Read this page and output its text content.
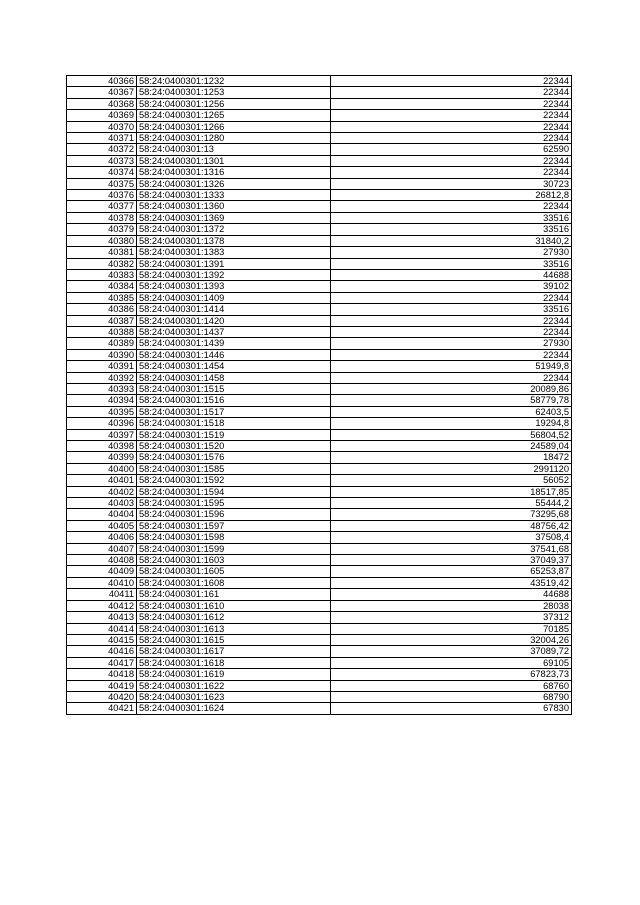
40366	58:24:0400301:1232	22344
40367	58:24:0400301:1253	22344
40368	58:24:0400301:1256	22344
40369	58:24:0400301:1265	22344
40370	58:24:0400301:1266	22344
40371	58:24:0400301:1280	22344
40372	58:24:0400301:13	62590
40373	58:24:0400301:1301	22344
40374	58:24:0400301:1316	22344
40375	58:24:0400301:1326	30723
40376	58:24:0400301:1333	26812,8
40377	58:24:0400301:1360	22344
40378	58:24:0400301:1369	33516
40379	58:24:0400301:1372	33516
40380	58:24:0400301:1378	31840,2
40381	58:24:0400301:1383	27930
40382	58:24:0400301:1391	33516
40383	58:24:0400301:1392	44688
40384	58:24:0400301:1393	39102
40385	58:24:0400301:1409	22344
40386	58:24:0400301:1414	33516
40387	58:24:0400301:1420	22344
40388	58:24:0400301:1437	22344
40389	58:24:0400301:1439	27930
40390	58:24:0400301:1446	22344
40391	58:24:0400301:1454	51949,8
40392	58:24:0400301:1458	22344
40393	58:24:0400301:1515	20089,86
40394	58:24:0400301:1516	58779,78
40395	58:24:0400301:1517	62403,5
40396	58:24:0400301:1518	19294,8
40397	58:24:0400301:1519	56804,52
40398	58:24:0400301:1520	24589,04
40399	58:24:0400301:1576	18472
40400	58:24:0400301:1585	2991120
40401	58:24:0400301:1592	56052
40402	58:24:0400301:1594	18517,85
40403	58:24:0400301:1595	55444,2
40404	58:24:0400301:1596	73295,68
40405	58:24:0400301:1597	48756,42
40406	58:24:0400301:1598	37508,4
40407	58:24:0400301:1599	37541,68
40408	58:24:0400301:1603	37049,37
40409	58:24:0400301:1605	65253,87
40410	58:24:0400301:1608	43519,42
40411	58:24:0400301:161	44688
40412	58:24:0400301:1610	28038
40413	58:24:0400301:1612	37312
40414	58:24:0400301:1613	70185
40415	58:24:0400301:1615	32004,26
40416	58:24:0400301:1617	37089,72
40417	58:24:0400301:1618	69105
40418	58:24:0400301:1619	67823,73
40419	58:24:0400301:1622	68760
40420	58:24:0400301:1623	68790
40421	58:24:0400301:1624	67830
